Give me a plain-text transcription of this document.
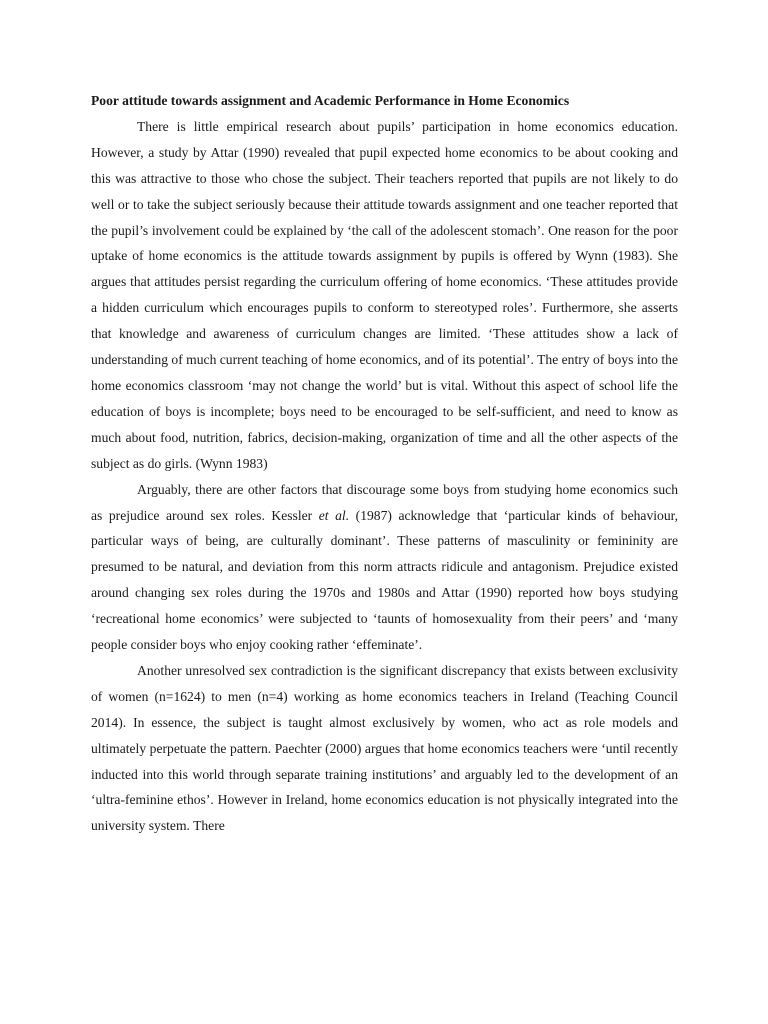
Poor attitude towards assignment and Academic Performance in Home Economics

There is little empirical research about pupils’ participation in home economics education. However, a study by Attar (1990) revealed that pupil expected home economics to be about cooking and this was attractive to those who chose the subject. Their teachers reported that pupils are not likely to do well or to take the subject seriously because their attitude towards assignment and one teacher reported that the pupil’s involvement could be explained by ‘the call of the adolescent stomach’. One reason for the poor uptake of home economics is the attitude towards assignment by pupils is offered by Wynn (1983). She argues that attitudes persist regarding the curriculum offering of home economics. ‘These attitudes provide a hidden curriculum which encourages pupils to conform to stereotyped roles’. Furthermore, she asserts that knowledge and awareness of curriculum changes are limited. ‘These attitudes show a lack of understanding of much current teaching of home economics, and of its potential’. The entry of boys into the home economics classroom ‘may not change the world’ but is vital. Without this aspect of school life the education of boys is incomplete; boys need to be encouraged to be self-sufficient, and need to know as much about food, nutrition, fabrics, decision-making, organization of time and all the other aspects of the subject as do girls. (Wynn 1983)

Arguably, there are other factors that discourage some boys from studying home economics such as prejudice around sex roles. Kessler et al. (1987) acknowledge that ‘particular kinds of behaviour, particular ways of being, are culturally dominant’. These patterns of masculinity or femininity are presumed to be natural, and deviation from this norm attracts ridicule and antagonism. Prejudice existed around changing sex roles during the 1970s and 1980s and Attar (1990) reported how boys studying ‘recreational home economics’ were subjected to ‘taunts of homosexuality from their peers’ and ‘many people consider boys who enjoy cooking rather ‘effeminate’.

Another unresolved sex contradiction is the significant discrepancy that exists between exclusivity of women (n=1624) to men (n=4) working as home economics teachers in Ireland (Teaching Council 2014). In essence, the subject is taught almost exclusively by women, who act as role models and ultimately perpetuate the pattern. Paechter (2000) argues that home economics teachers were ‘until recently inducted into this world through separate training institutions’ and arguably led to the development of an ‘ultra-feminine ethos’. However in Ireland, home economics education is not physically integrated into the university system. There
